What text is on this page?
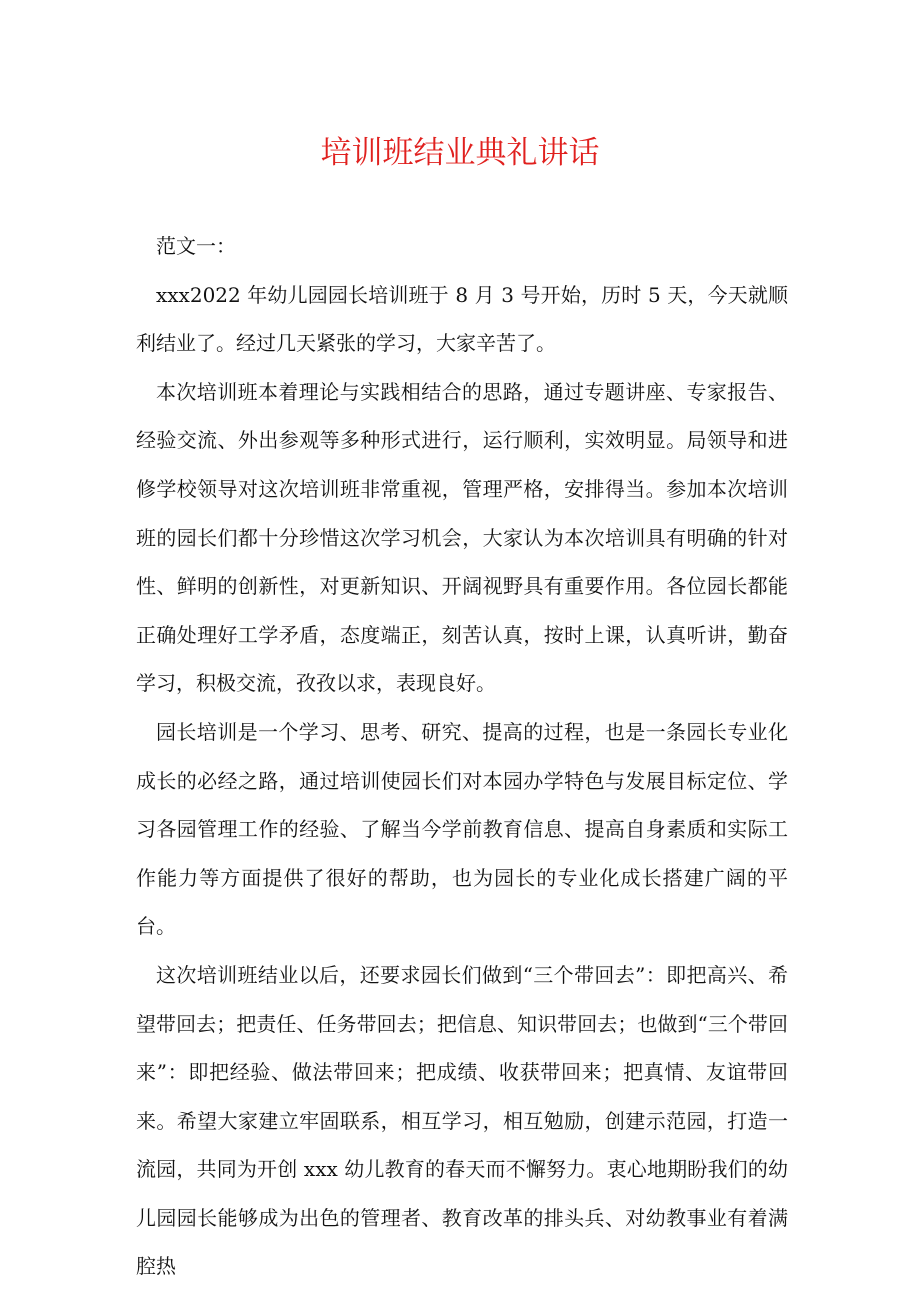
培训班结业典礼讲话

范文一：

xxx2022 年幼儿园园长培训班于 8 月 3 号开始，历时 5 天，今天就顺利结业了。经过几天紧张的学习，大家辛苦了。

本次培训班本着理论与实践相结合的思路，通过专题讲座、专家报告、经验交流、外出参观等多种形式进行，运行顺利，实效明显。局领导和进修学校领导对这次培训班非常重视，管理严格，安排得当。参加本次培训班的园长们都十分珍惜这次学习机会，大家认为本次培训具有明确的针对性、鲜明的创新性，对更新知识、开阔视野具有重要作用。各位园长都能正确处理好工学矛盾，态度端正，刻苦认真，按时上课，认真听讲，勤奋学习，积极交流，孜孜以求，表现良好。

园长培训是一个学习、思考、研究、提高的过程，也是一条园长专业化成长的必经之路，通过培训使园长们对本园办学特色与发展目标定位、学习各园管理工作的经验、了解当今学前教育信息、提高自身素质和实际工作能力等方面提供了很好的帮助，也为园长的专业化成长搭建广阔的平台。

这次培训班结业以后，还要求园长们做到“三个带回去”：即把高兴、希望带回去；把责任、任务带回去；把信息、知识带回去；也做到“三个带回来”：即把经验、做法带回来；把成绩、收获带回来；把真情、友谊带回来。希望大家建立牢固联系，相互学习，相互勉励，创建示范园，打造一流园，共同为开创 xxx 幼儿教育的春天而不懈努力。衷心地期盼我们的幼儿园园长能够成为出色的管理者、教育改革的排头兵、对幼教事业有着满腔热
